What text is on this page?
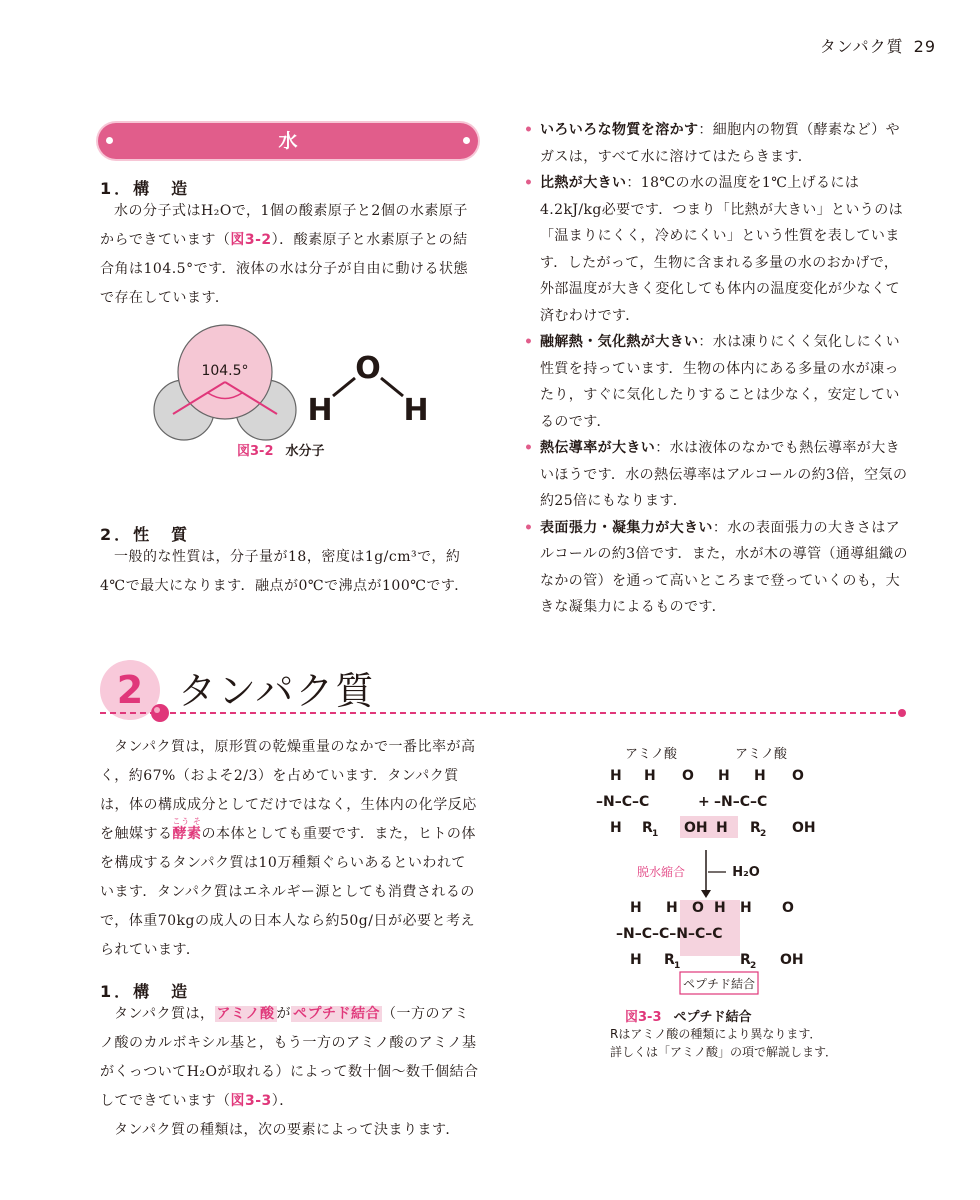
タンパク質 29
水
1．構　造

水の分子式はH₂Oで，1個の酸素原子と2個の水素原子からできています（図3-2）．酸素原子と水素原子との結合角は104.5°です．液体の水は分子が自由に動ける状態で存在しています．

104.5°	O
H H
図3-2 水分子
2．性　質

一般的な性質は，分子量が18，密度は1g/cm³で，約4℃で最大になります．融点が0℃で沸点が100℃です．

• いろいろな物質を溶かす：細胞内の物質（酵素など）やガスは，すべて水に溶けてはたらきます．
• 比熱が大きい：18℃の水の温度を1℃上げるには4.2kJ/kg必要です．つまり「比熱が大きい」というのは「温まりにくく，冷めにくい」という性質を表しています．したがって，生物に含まれる多量の水のおかげで，外部温度が大きく変化しても体内の温度変化が少なくて済むわけです．
• 融解熱・気化熱が大きい：水は凍りにくく気化しにくい性質を持っています．生物の体内にある多量の水が凍ったり，すぐに気化したりすることは少なく，安定しているのです．
• 熱伝導率が大きい：水は液体のなかでも熱伝導率が大きいほうです．水の熱伝導率はアルコールの約3倍，空気の約25倍にもなります．
• 表面張力・凝集力が大きい：水の表面張力の大きさはアルコールの約3倍です．また，水が木の導管（通導組織のなかの管）を通って高いところまで登っていくのも，大きな凝集力によるものです．
2 タンパク質

タンパク質は，原形質の乾燥重量のなかで一番比率が高く，約67%（およそ2/3）を占めています．タンパク質は，体の構成成分としてだけではなく，生体内の化学反応を触媒する酵素こう その本体としても重要です．また，ヒトの体を構成するタンパク質は10万種類ぐらいあるといわれています．タンパク質はエネルギー源としても消費されるので，体重70kgの成人の日本人なら約50g/日が必要と考えられています．

1．構　造

タンパク質は， アミノ酸 が ペプチド結合 （一方のアミノ酸のカルボキシル基と，もう一方のアミノ酸のアミノ基がくっついてH₂Oが取れる）によって数十個～数千個結合してできています（図3-3）．

タンパク質の種類は，次の要素によって決まります．

アミノ酸	アミノ酸
H H O
H R 1
–N–C–C
OH H
+
H H O
–N–C–C
R 2 OH
脱水縮合	H₂O
H H O H H O
–N–C–C–N–C–C
H R 1	R 2 OH
ペプチド結合
図3-3 ペプチド結合
Rはアミノ酸の種類により異なります．
詳しくは「アミノ酸」の項で解説します．
